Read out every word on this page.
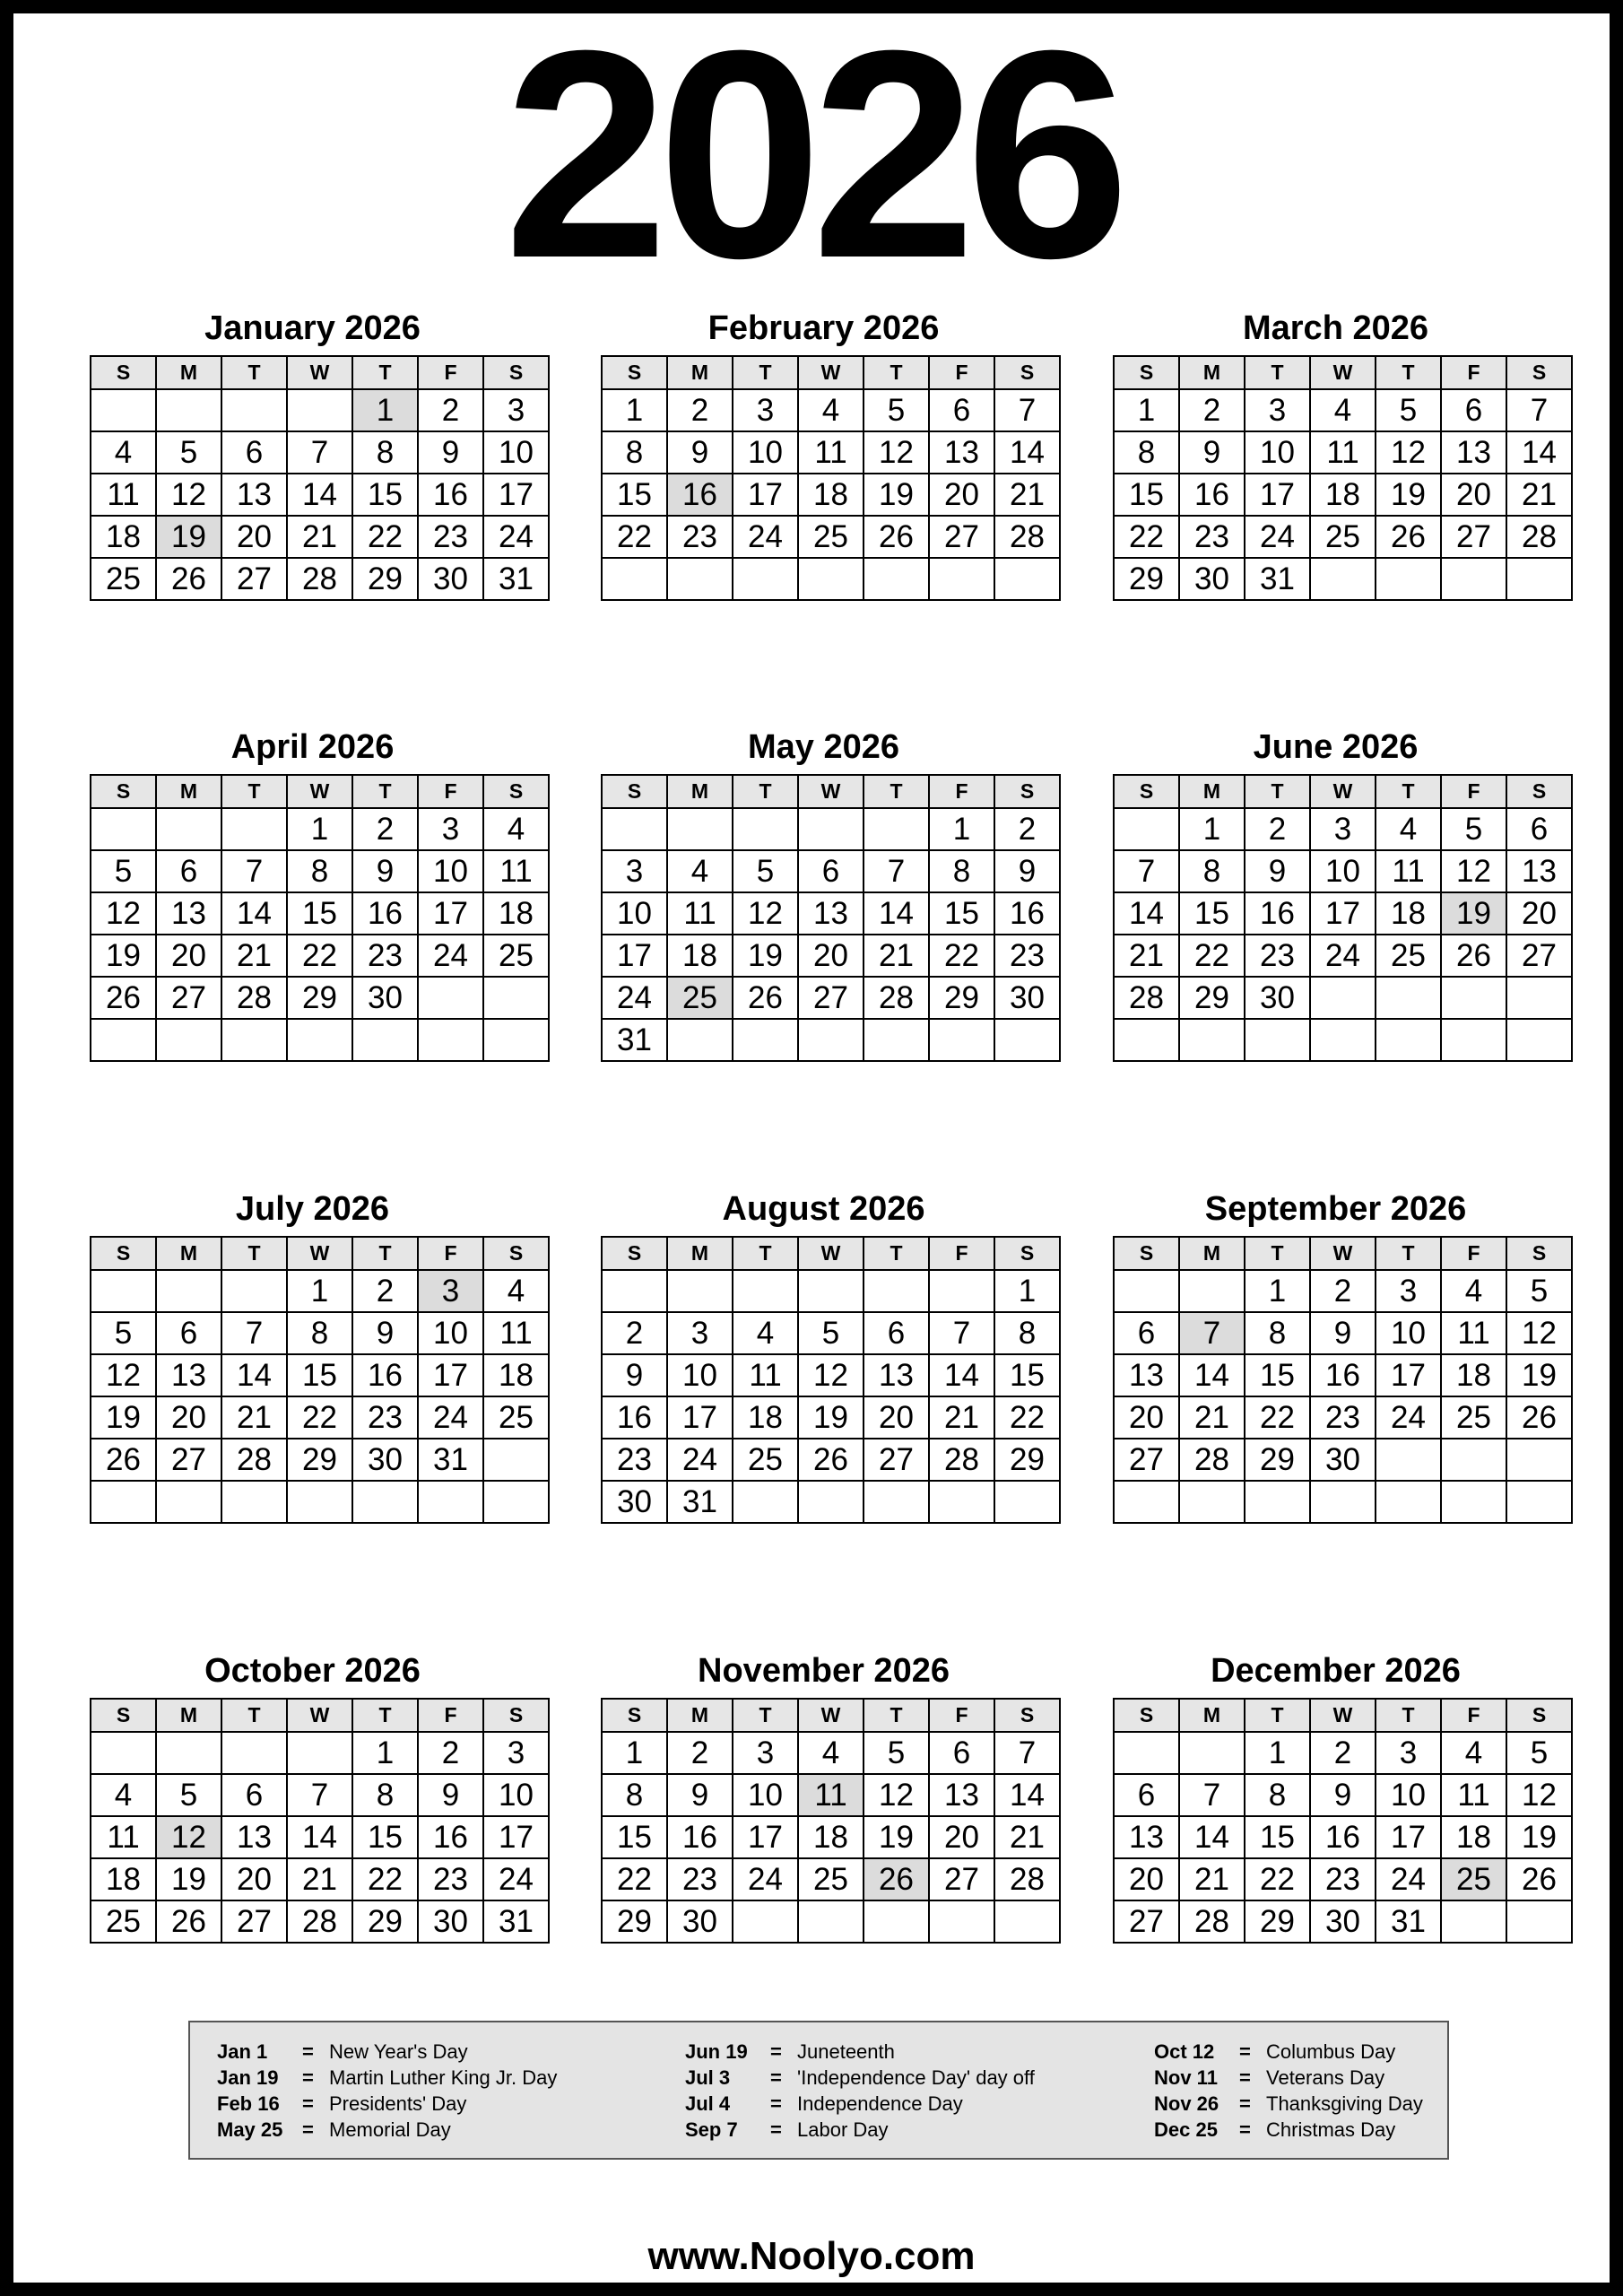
2026
January 2026
S	M	T	W	T	F	S
				1	2	3
4	5	6	7	8	9	10
11	12	13	14	15	16	17
18	19	20	21	22	23	24
25	26	27	28	29	30	31
February 2026
S	M	T	W	T	F	S
1	2	3	4	5	6	7
8	9	10	11	12	13	14
15	16	17	18	19	20	21
22	23	24	25	26	27	28

March 2026
S	M	T	W	T	F	S
1	2	3	4	5	6	7
8	9	10	11	12	13	14
15	16	17	18	19	20	21
22	23	24	25	26	27	28
29	30	31				
April 2026
S	M	T	W	T	F	S
			1	2	3	4
5	6	7	8	9	10	11
12	13	14	15	16	17	18
19	20	21	22	23	24	25
26	27	28	29	30		

May 2026
S	M	T	W	T	F	S
					1	2
3	4	5	6	7	8	9
10	11	12	13	14	15	16
17	18	19	20	21	22	23
24	25	26	27	28	29	30
31						
June 2026
S	M	T	W	T	F	S
	1	2	3	4	5	6
7	8	9	10	11	12	13
14	15	16	17	18	19	20
21	22	23	24	25	26	27
28	29	30				

July 2026
S	M	T	W	T	F	S
			1	2	3	4
5	6	7	8	9	10	11
12	13	14	15	16	17	18
19	20	21	22	23	24	25
26	27	28	29	30	31	

August 2026
S	M	T	W	T	F	S
						1
2	3	4	5	6	7	8
9	10	11	12	13	14	15
16	17	18	19	20	21	22
23	24	25	26	27	28	29
30	31					
September 2026
S	M	T	W	T	F	S
		1	2	3	4	5
6	7	8	9	10	11	12
13	14	15	16	17	18	19
20	21	22	23	24	25	26
27	28	29	30			

October 2026
S	M	T	W	T	F	S
				1	2	3
4	5	6	7	8	9	10
11	12	13	14	15	16	17
18	19	20	21	22	23	24
25	26	27	28	29	30	31
November 2026
S	M	T	W	T	F	S
1	2	3	4	5	6	7
8	9	10	11	12	13	14
15	16	17	18	19	20	21
22	23	24	25	26	27	28
29	30					
December 2026
S	M	T	W	T	F	S
		1	2	3	4	5
6	7	8	9	10	11	12
13	14	15	16	17	18	19
20	21	22	23	24	25	26
27	28	29	30	31		
Jan 1 = New Year's Day
Jan 19 = Martin Luther King Jr. Day
Feb 16 = Presidents' Day
May 25 = Memorial Day
Jun 19 = Juneteenth
Jul 3 = 'Independence Day' day off
Jul 4 = Independence Day
Sep 7 = Labor Day
Oct 12 = Columbus Day
Nov 11 = Veterans Day
Nov 26 = Thanksgiving Day
Dec 25 = Christmas Day
www.Noolyo.com
